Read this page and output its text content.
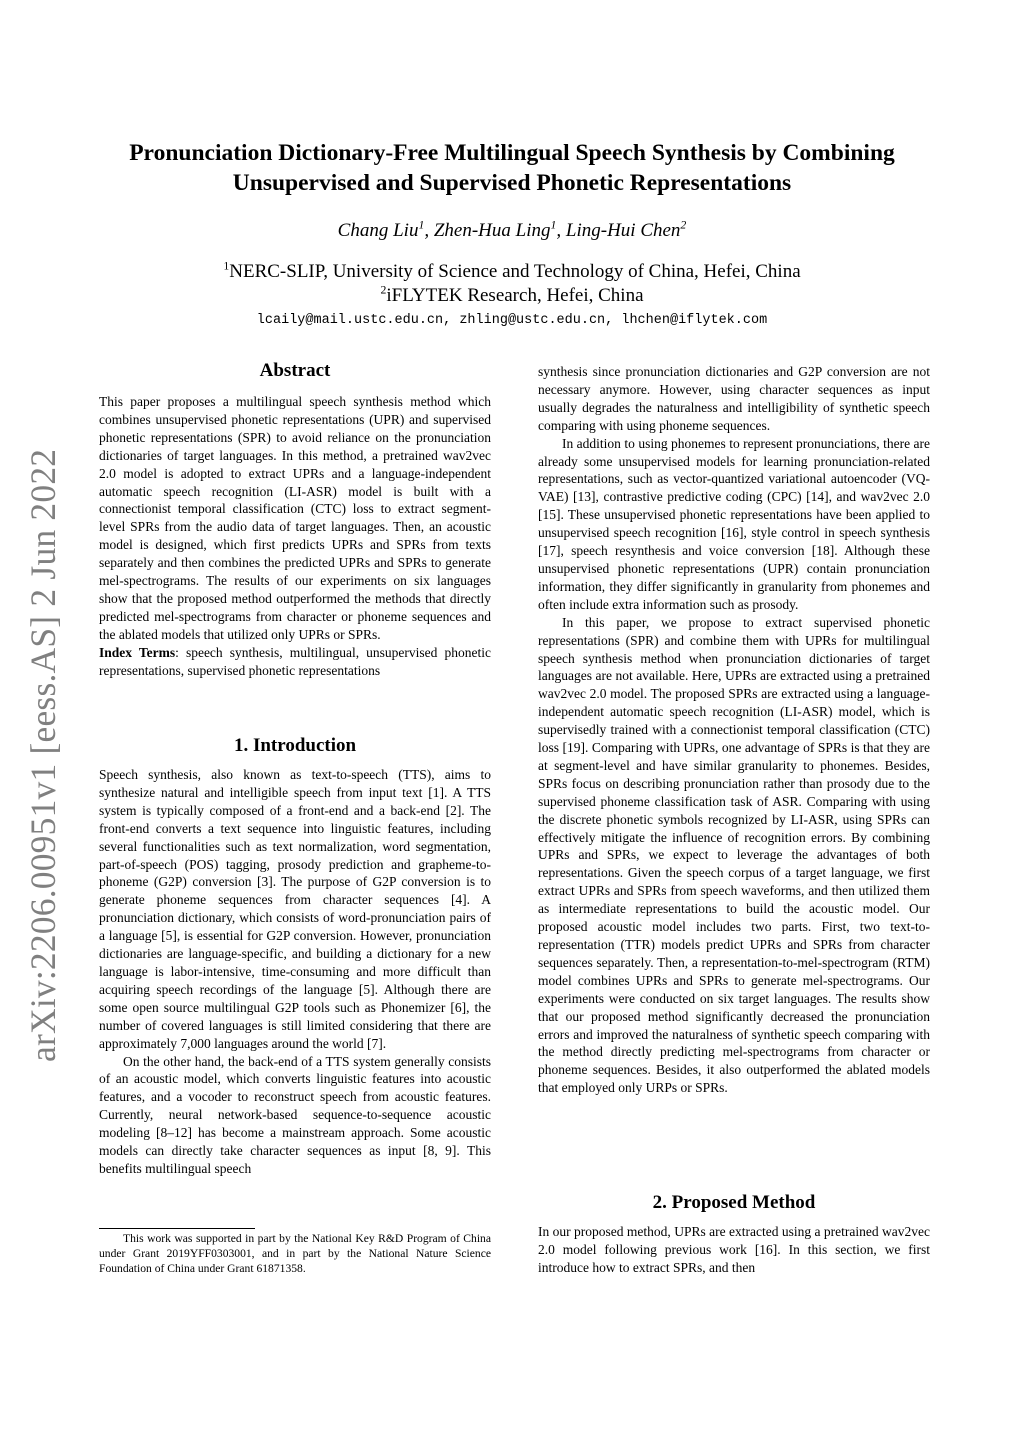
arXiv:2206.00951v1 [eess.AS] 2 Jun 2022
Pronunciation Dictionary-Free Multilingual Speech Synthesis by Combining
Unsupervised and Supervised Phonetic Representations
Chang Liu$^1$, Zhen-Hua Ling$^1$, Ling-Hui Chen$^2$
$^1$NERC-SLIP, University of Science and Technology of China, Hefei, China
$^2$iFLYTEK Research, Hefei, China
lcaily@mail.ustc.edu.cn, zhling@ustc.edu.cn, lhchen@iflytek.com
Abstract

This paper proposes a multilingual speech synthesis method which combines unsupervised phonetic representations (UPR) and supervised phonetic representations (SPR) to avoid reliance on the pronunciation dictionaries of target languages. In this method, a pretrained wav2vec 2.0 model is adopted to extract UPRs and a language-independent automatic speech recognition (LI-ASR) model is built with a connectionist temporal classification (CTC) loss to extract segment-level SPRs from the audio data of target languages. Then, an acoustic model is designed, which first predicts UPRs and SPRs from texts separately and then combines the predicted UPRs and SPRs to generate mel-spectrograms. The results of our experiments on six languages show that the proposed method outperformed the methods that directly predicted mel-spectrograms from character or phoneme sequences and the ablated models that utilized only UPRs or SPRs.

Index Terms: speech synthesis, multilingual, unsupervised phonetic representations, supervised phonetic representations

1. Introduction

Speech synthesis, also known as text-to-speech (TTS), aims to synthesize natural and intelligible speech from input text [1]. A TTS system is typically composed of a front-end and a back-end [2]. The front-end converts a text sequence into linguistic features, including several functionalities such as text normalization, word segmentation, part-of-speech (POS) tagging, prosody prediction and grapheme-to-phoneme (G2P) conversion [3]. The purpose of G2P conversion is to generate phoneme sequences from character sequences [4]. A pronunciation dictionary, which consists of word-pronunciation pairs of a language [5], is essential for G2P conversion. However, pronunciation dictionaries are language-specific, and building a dictionary for a new language is labor-intensive, time-consuming and more difficult than acquiring speech recordings of the language [5]. Although there are some open source multilingual G2P tools such as Phonemizer [6], the number of covered languages is still limited considering that there are approximately 7,000 languages around the world [7].

On the other hand, the back-end of a TTS system generally consists of an acoustic model, which converts linguistic features into acoustic features, and a vocoder to reconstruct speech from acoustic features. Currently, neural network-based sequence-to-sequence acoustic modeling [8–12] has become a mainstream approach. Some acoustic models can directly take character sequences as input [8, 9]. This benefits multilingual speech

This work was supported in part by the National Key R&D Program of China under Grant 2019YFF0303001, and in part by the National Nature Science Foundation of China under Grant 61871358.

synthesis since pronunciation dictionaries and G2P conversion are not necessary anymore. However, using character sequences as input usually degrades the naturalness and intelligibility of synthetic speech comparing with using phoneme sequences.

In addition to using phonemes to represent pronunciations, there are already some unsupervised models for learning pronunciation-related representations, such as vector-quantized variational autoencoder (VQ-VAE) [13], contrastive predictive coding (CPC) [14], and wav2vec 2.0 [15]. These unsupervised phonetic representations have been applied to unsupervised speech recognition [16], style control in speech synthesis [17], speech resynthesis and voice conversion [18]. Although these unsupervised phonetic representations (UPR) contain pronunciation information, they differ significantly in granularity from phonemes and often include extra information such as prosody.

In this paper, we propose to extract supervised phonetic representations (SPR) and combine them with UPRs for multilingual speech synthesis method when pronunciation dictionaries of target languages are not available. Here, UPRs are extracted using a pretrained wav2vec 2.0 model. The proposed SPRs are extracted using a language-independent automatic speech recognition (LI-ASR) model, which is supervisedly trained with a connectionist temporal classification (CTC) loss [19]. Comparing with UPRs, one advantage of SPRs is that they are at segment-level and have similar granularity to phonemes. Besides, SPRs focus on describing pronunciation rather than prosody due to the supervised phoneme classification task of ASR. Comparing with using the discrete phonetic symbols recognized by LI-ASR, using SPRs can effectively mitigate the influence of recognition errors. By combining UPRs and SPRs, we expect to leverage the advantages of both representations. Given the speech corpus of a target language, we first extract UPRs and SPRs from speech waveforms, and then utilized them as intermediate representations to build the acoustic model. Our proposed acoustic model includes two parts. First, two text-to-representation (TTR) models predict UPRs and SPRs from character sequences separately. Then, a representation-to-mel-spectrogram (RTM) model combines UPRs and SPRs to generate mel-spectrograms. Our experiments were conducted on six target languages. The results show that our proposed method significantly decreased the pronunciation errors and improved the naturalness of synthetic speech comparing with the method directly predicting mel-spectrograms from character or phoneme sequences. Besides, it also outperformed the ablated models that employed only URPs or SPRs.

2. Proposed Method

In our proposed method, UPRs are extracted using a pretrained wav2vec 2.0 model following previous work [16]. In this section, we first introduce how to extract SPRs, and then
